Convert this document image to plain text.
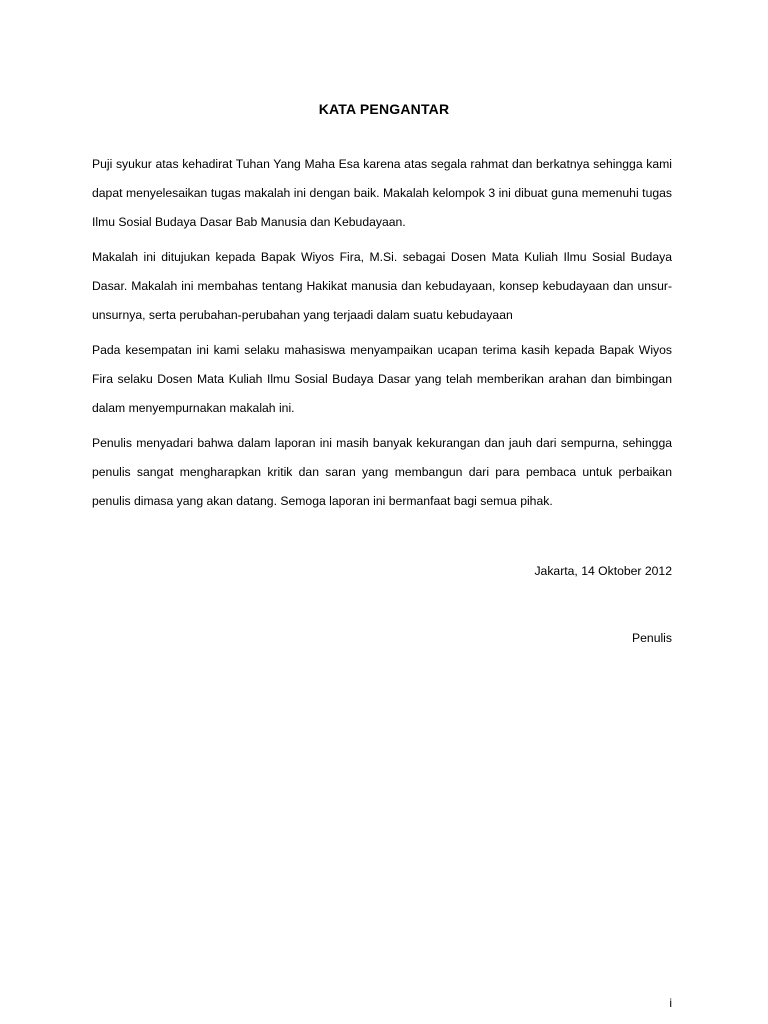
KATA PENGANTAR

Puji syukur atas kehadirat Tuhan Yang Maha Esa karena atas segala rahmat dan berkatnya sehingga kami dapat menyelesaikan tugas makalah ini dengan baik. Makalah kelompok 3 ini dibuat guna memenuhi tugas Ilmu Sosial Budaya Dasar Bab Manusia dan Kebudayaan.

Makalah ini ditujukan kepada Bapak Wiyos Fira, M.Si. sebagai Dosen Mata Kuliah Ilmu Sosial Budaya Dasar. Makalah ini membahas tentang Hakikat manusia dan kebudayaan, konsep kebudayaan dan unsur-unsurnya, serta perubahan-perubahan yang terjaadi dalam suatu kebudayaan

Pada kesempatan ini kami selaku mahasiswa menyampaikan ucapan terima kasih kepada Bapak Wiyos Fira selaku Dosen Mata Kuliah Ilmu Sosial Budaya Dasar yang telah memberikan arahan dan bimbingan dalam menyempurnakan makalah ini.

Penulis menyadari bahwa dalam laporan ini masih banyak kekurangan dan jauh dari sempurna, sehingga penulis sangat mengharapkan kritik dan saran yang membangun dari para pembaca untuk perbaikan penulis dimasa yang akan datang. Semoga laporan ini bermanfaat bagi semua pihak.

Jakarta, 14 Oktober 2012
Penulis
i
